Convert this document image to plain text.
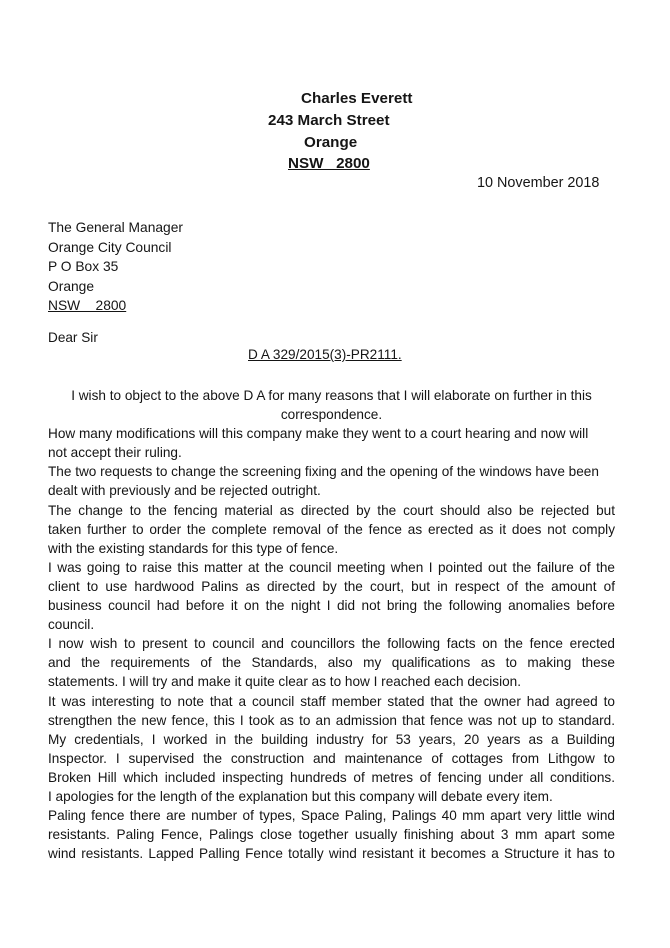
Charles Everett
243 March Street
Orange
NSW   2800
10 November 2018
The General Manager
Orange City Council
P O Box 35
Orange
NSW    2800
Dear Sir
D A 329/2015(3)-PR2111.
I wish to object to the above D A for many reasons that I will elaborate on further in this
correspondence.
How many modifications will this company make they went to a court hearing and now will
not accept their ruling.
The two requests to change the screening fixing and the opening of the windows have been
dealt with previously and be rejected outright.
The change to the fencing material as directed by the court should also be rejected but
taken further to order the complete removal of the fence as erected as it does not comply
with the existing standards for this type of fence.
I was going to raise this matter at the council meeting when I pointed out the failure of the
client to use hardwood Palins as directed by the court, but in respect of the amount of
business council had before it on the night I did not bring the following anomalies before
council.
I now wish to present to council and councillors the following facts on the fence erected
and the requirements of the Standards, also my qualifications as to making these
statements. I will try and make it quite clear as to how I reached each decision.
It was interesting to note that a council staff member stated that the owner had agreed to
strengthen the new fence, this I took as to an admission that fence was not up to standard.
My credentials, I worked in the building industry for 53 years, 20 years as a Building
Inspector. I supervised the construction and maintenance of cottages from Lithgow to
Broken Hill which included inspecting hundreds of metres of fencing under all conditions.
I apologies for the length of the explanation but this company will debate every item.
Paling fence there are number of types, Space Paling, Palings 40 mm apart very little wind
resistants. Paling Fence, Palings close together usually finishing about 3 mm apart some
wind resistants. Lapped Palling Fence totally wind resistant it becomes a Structure it has to
